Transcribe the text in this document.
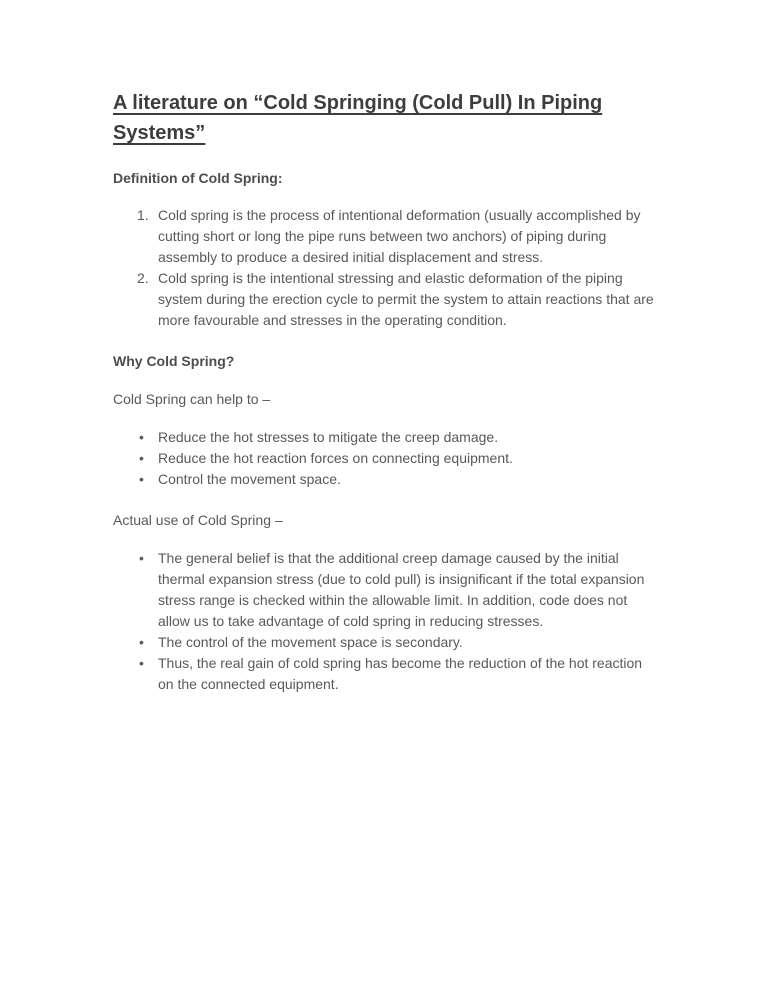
A literature on “Cold Springing (Cold Pull) In Piping Systems”
Definition of Cold Spring:
Cold spring is the process of intentional deformation (usually accomplished by cutting short or long the pipe runs between two anchors) of piping during assembly to produce a desired initial displacement and stress.
Cold spring is the intentional stressing and elastic deformation of the piping system during the erection cycle to permit the system to attain reactions that are more favourable and stresses in the operating condition.
Why Cold Spring?

Cold Spring can help to –

• Reduce the hot stresses to mitigate the creep damage.
• Reduce the hot reaction forces on connecting equipment.
• Control the movement space.

Actual use of Cold Spring –

• The general belief is that the additional creep damage caused by the initial thermal expansion stress (due to cold pull) is insignificant if the total expansion stress range is checked within the allowable limit. In addition, code does not allow us to take advantage of cold spring in reducing stresses.
• The control of the movement space is secondary.
• Thus, the real gain of cold spring has become the reduction of the hot reaction on the connected equipment.
